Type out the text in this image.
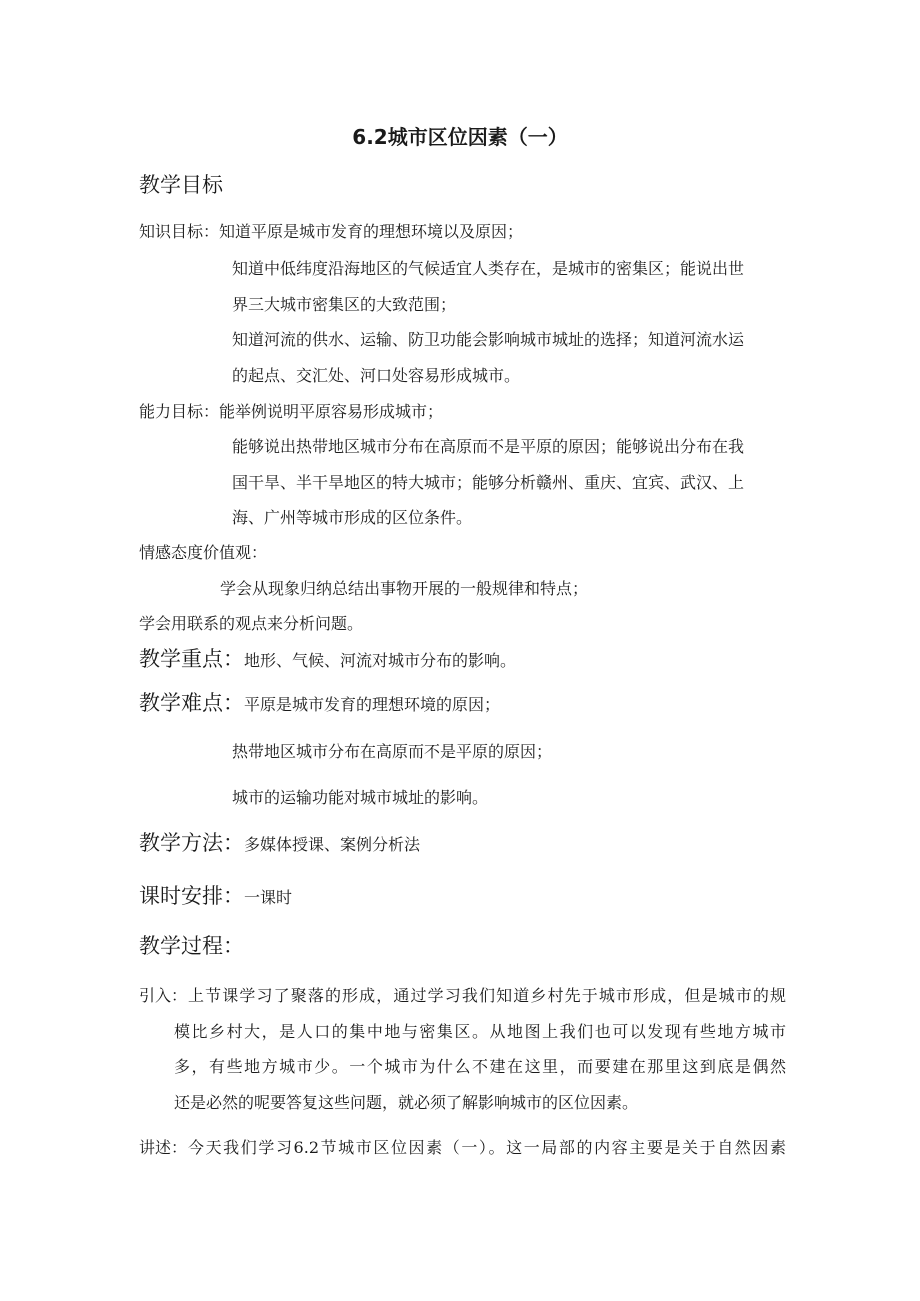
6.2城市区位因素（一）
教学目标
知识目标：知道平原是城市发育的理想环境以及原因；
知道中低纬度沿海地区的气候适宜人类存在，是城市的密集区；能说出世
界三大城市密集区的大致范围；
知道河流的供水、运输、防卫功能会影响城市城址的选择；知道河流水运
的起点、交汇处、河口处容易形成城市。
能力目标：能举例说明平原容易形成城市；
能够说出热带地区城市分布在高原而不是平原的原因；能够说出分布在我
国干旱、半干旱地区的特大城市；能够分析赣州、重庆、宜宾、武汉、上
海、广州等城市形成的区位条件。
情感态度价值观：
学会从现象归纳总结出事物开展的一般规律和特点；
学会用联系的观点来分析问题。
教学重点：地形、气候、河流对城市分布的影响。
教学难点：平原是城市发育的理想环境的原因；
热带地区城市分布在高原而不是平原的原因；
城市的运输功能对城市城址的影响。
教学方法：多媒体授课、案例分析法
课时安排：一课时
教学过程：
引入： 上节课学习了聚落的形成，通过学习我们知道乡村先于城市形成，但是城市的规
模比乡村大，是人口的集中地与密集区。从地图上我们也可以发现有些地方城市
多，有些地方城市少。一个城市为什么不建在这里，而要建在那里这到底是偶然
还是必然的呢要答复这些问题，就必须了解影响城市的区位因素。
讲述： 今天我们学习6.2节城市区位因素（一）。这一局部的内容主要是关于自然因素
